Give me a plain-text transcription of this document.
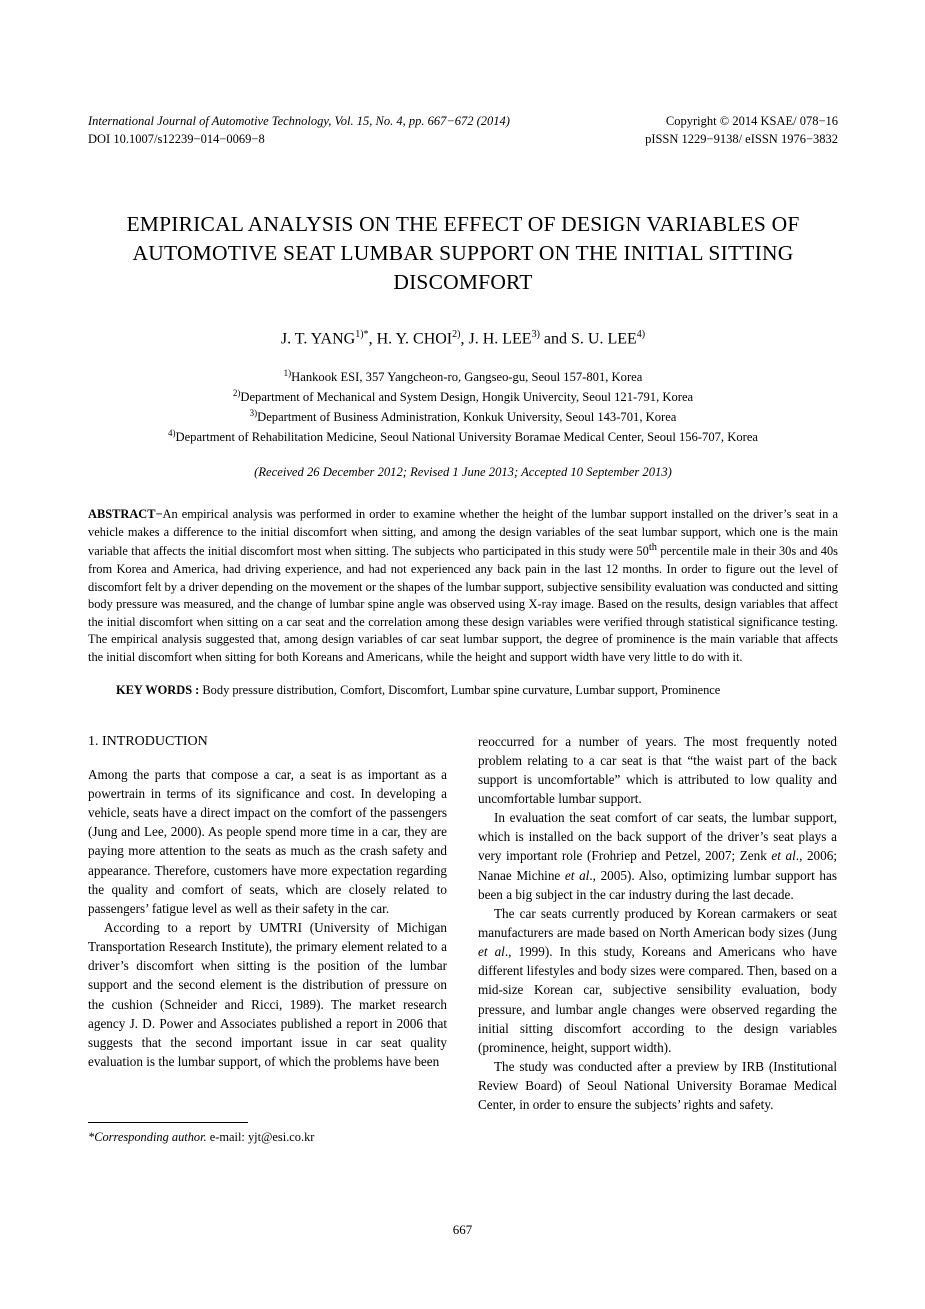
International Journal of Automotive Technology, Vol. 15, No. 4, pp. 667−672 (2014)
DOI 10.1007/s12239−014−0069−8
Copyright © 2014 KSAE/ 078−16
pISSN 1229−9138/ eISSN 1976−3832
EMPIRICAL ANALYSIS ON THE EFFECT OF DESIGN VARIABLES OF AUTOMOTIVE SEAT LUMBAR SUPPORT ON THE INITIAL SITTING DISCOMFORT
J. T. $YANG^{1)*}$, H. Y. CHOI$^{2)}$, J. H. LEE$^{3)}$ and S. U. LEE$^{4)}$
$^{1)}$Hankook ESI, 357 Yangcheon-ro, Gangseo-gu, Seoul 157-801, Korea
$^{2)}$Department of Mechanical and System Design, Hongik Univercity, Seoul 121-791, Korea
$^{3)}$Department of Business Administration, Konkuk University, Seoul 143-701, Korea
$^{4)}$Department of Rehabilitation Medicine, Seoul National University Boramae Medical Center, Seoul 156-707, Korea
(Received 26 December 2012; Revised 1 June 2013; Accepted 10 September 2013)
ABSTRACT−An empirical analysis was performed in order to examine whether the height of the lumbar support installed on the driver’s seat in a vehicle makes a difference to the initial discomfort when sitting, and among the design variables of the seat lumbar support, which one is the main variable that affects the initial discomfort most when sitting. The subjects who participated in this study were 50th percentile male in their 30s and 40s from Korea and America, had driving experience, and had not experienced any back pain in the last 12 months. In order to figure out the level of discomfort felt by a driver depending on the movement or the shapes of the lumbar support, subjective sensibility evaluation was conducted and sitting body pressure was measured, and the change of lumbar spine angle was observed using X-ray image. Based on the results, design variables that affect the initial discomfort when sitting on a car seat and the correlation among these design variables were verified through statistical significance testing. The empirical analysis suggested that, among design variables of car seat lumbar support, the degree of prominence is the main variable that affects the initial discomfort when sitting for both Koreans and Americans, while the height and support width have very little to do with it.
KEY WORDS : Body pressure distribution, Comfort, Discomfort, Lumbar spine curvature, Lumbar support, Prominence
1. INTRODUCTION

Among the parts that compose a car, a seat is as important as a powertrain in terms of its significance and cost. In developing a vehicle, seats have a direct impact on the comfort of the passengers (Jung and Lee, 2000). As people spend more time in a car, they are paying more attention to the seats as much as the crash safety and appearance. Therefore, customers have more expectation regarding the quality and comfort of seats, which are closely related to passengers’ fatigue level as well as their safety in the car.

According to a report by UMTRI (University of Michigan Transportation Research Institute), the primary element related to a driver’s discomfort when sitting is the position of the lumbar support and the second element is the distribution of pressure on the cushion (Schneider and Ricci, 1989). The market research agency J. D. Power and Associates published a report in 2006 that suggests that the second important issue in car seat quality evaluation is the lumbar support, of which the problems have been

reoccurred for a number of years. The most frequently noted problem relating to a car seat is that “the waist part of the back support is uncomfortable” which is attributed to low quality and uncomfortable lumbar support.

In evaluation the seat comfort of car seats, the lumbar support, which is installed on the back support of the driver’s seat plays a very important role (Frohriep and Petzel, 2007; Zenk et al., 2006; Nanae Michine et al., 2005). Also, optimizing lumbar support has been a big subject in the car industry during the last decade.

The car seats currently produced by Korean carmakers or seat manufacturers are made based on North American body sizes (Jung et al., 1999). In this study, Koreans and Americans who have different lifestyles and body sizes were compared. Then, based on a mid-size Korean car, subjective sensibility evaluation, body pressure, and lumbar angle changes were observed regarding the initial sitting discomfort according to the design variables (prominence, height, support width).

The study was conducted after a preview by IRB (Institutional Review Board) of Seoul National University Boramae Medical Center, in order to ensure the subjects’ rights and safety.

*Corresponding author. e-mail: yjt@esi.co.kr
667
